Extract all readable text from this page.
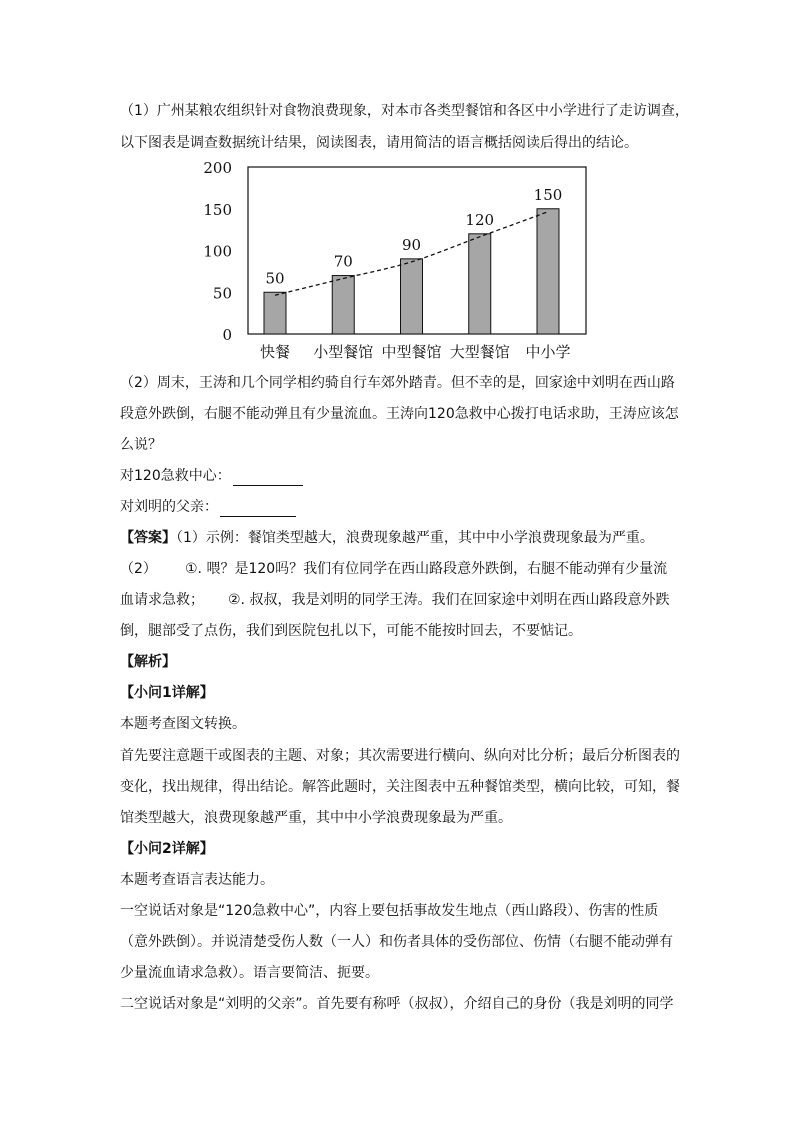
（1）广州某粮农组织针对食物浪费现象，对本市各类型餐馆和各区中小学进行了走访调查，
以下图表是调查数据统计结果，阅读图表，请用简洁的语言概括阅读后得出的结论。
0
50
100
150
200
50
70
90
120
150
快餐 小型餐馆 中型餐馆 大型餐馆 中小学
（2）周末，王涛和几个同学相约骑自行车郊外踏青。但不幸的是，回家途中刘明在西山路
段意外跌倒，右腿不能动弹且有少量流血。王涛向120急救中心拨打电话求助，王涛应该怎
么说？
对120急救中心：
对刘明的父亲：
【答案】（1）示例：餐馆类型越大，浪费现象越严重，其中中小学浪费现象最为严重。
（2） ①. 喂？是120吗？我们有位同学在西山路段意外跌倒，右腿不能动弹有少量流
血请求急救； ②. 叔叔，我是刘明的同学王涛。我们在回家途中刘明在西山路段意外跌
倒，腿部受了点伤，我们到医院包扎以下，可能不能按时回去，不要惦记。
【解析】
【小问1详解】
本题考查图文转换。
首先要注意题干或图表的主题、对象；其次需要进行横向、纵向对比分析；最后分析图表的
变化，找出规律，得出结论。解答此题时，关注图表中五种餐馆类型，横向比较，可知，餐
馆类型越大，浪费现象越严重，其中中小学浪费现象最为严重。
【小问2详解】
本题考查语言表达能力。
一空说话对象是“120急救中心”，内容上要包括事故发生地点（西山路段）、伤害的性质
（意外跌倒）。并说清楚受伤人数（一人）和伤者具体的受伤部位、伤情（右腿不能动弹有
少量流血请求急救）。语言要简洁、扼要。
二空说话对象是“刘明的父亲”。首先要有称呼（叔叔），介绍自己的身份（我是刘明的同学
